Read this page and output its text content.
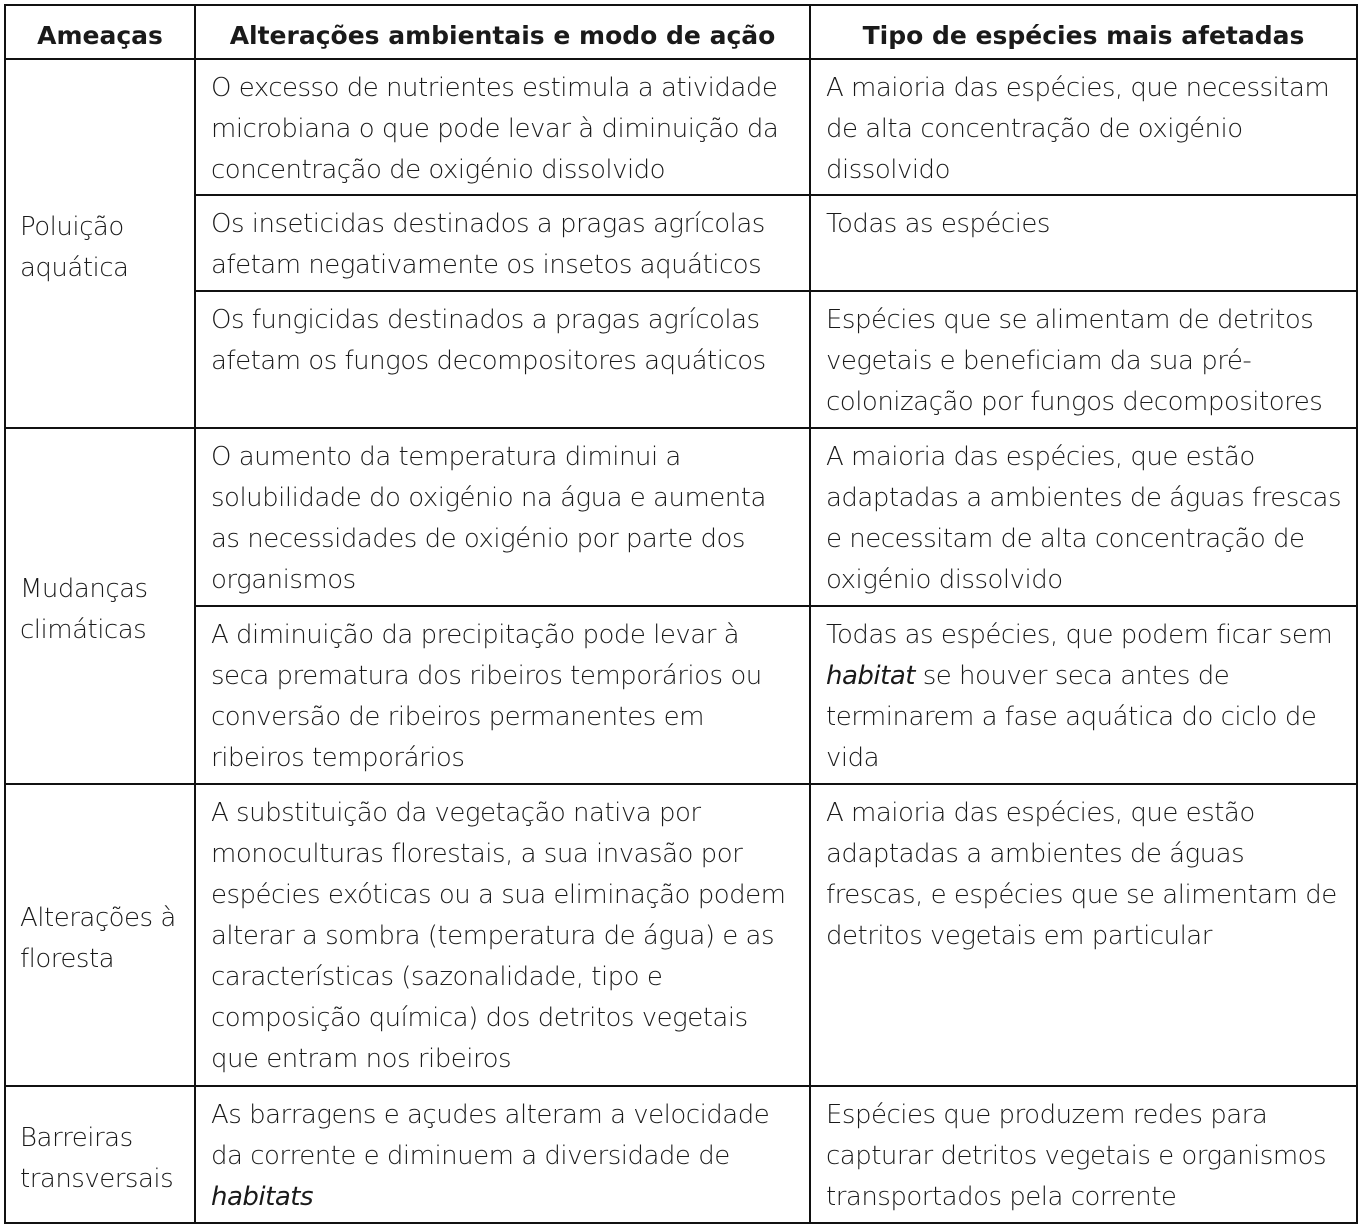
Ameaças	Alterações ambientais e modo de ação	Tipo de espécies mais afetadas

Poluição aquática	O excesso de nutrientes estimula a atividade microbiana o que pode levar à diminuição da concentração de oxigénio dissolvido	A maioria das espécies, que necessitam de alta concentração de oxigénio dissolvido

	Os inseticidas destinados a pragas agrícolas afetam negativamente os insetos aquáticos	Todas as espécies

	Os fungicidas destinados a pragas agrícolas afetam os fungos decompositores aquáticos	Espécies que se alimentam de detritos vegetais e beneficiam da sua pré-colonização por fungos decompositores

Mudanças climáticas	O aumento da temperatura diminui a solubilidade do oxigénio na água e aumenta as necessidades de oxigénio por parte dos organismos	A maioria das espécies, que estão adaptadas a ambientes de águas frescas e necessitam de alta concentração de oxigénio dissolvido

	A diminuição da precipitação pode levar à seca prematura dos ribeiros temporários ou conversão de ribeiros permanentes em ribeiros temporários	Todas as espécies, que podem ficar sem habitat se houver seca antes de terminarem a fase aquática do ciclo de vida

Alterações à floresta	A substituição da vegetação nativa por monoculturas florestais, a sua invasão por espécies exóticas ou a sua eliminação podem alterar a sombra (temperatura de água) e as características (sazonalidade, tipo e composição química) dos detritos vegetais que entram nos ribeiros	A maioria das espécies, que estão adaptadas a ambientes de águas frescas, e espécies que se alimentam de detritos vegetais em particular

Barreiras transversais	As barragens e açudes alteram a velocidade da corrente e diminuem a diversidade de habitats	Espécies que produzem redes para capturar detritos vegetais e organismos transportados pela corrente
